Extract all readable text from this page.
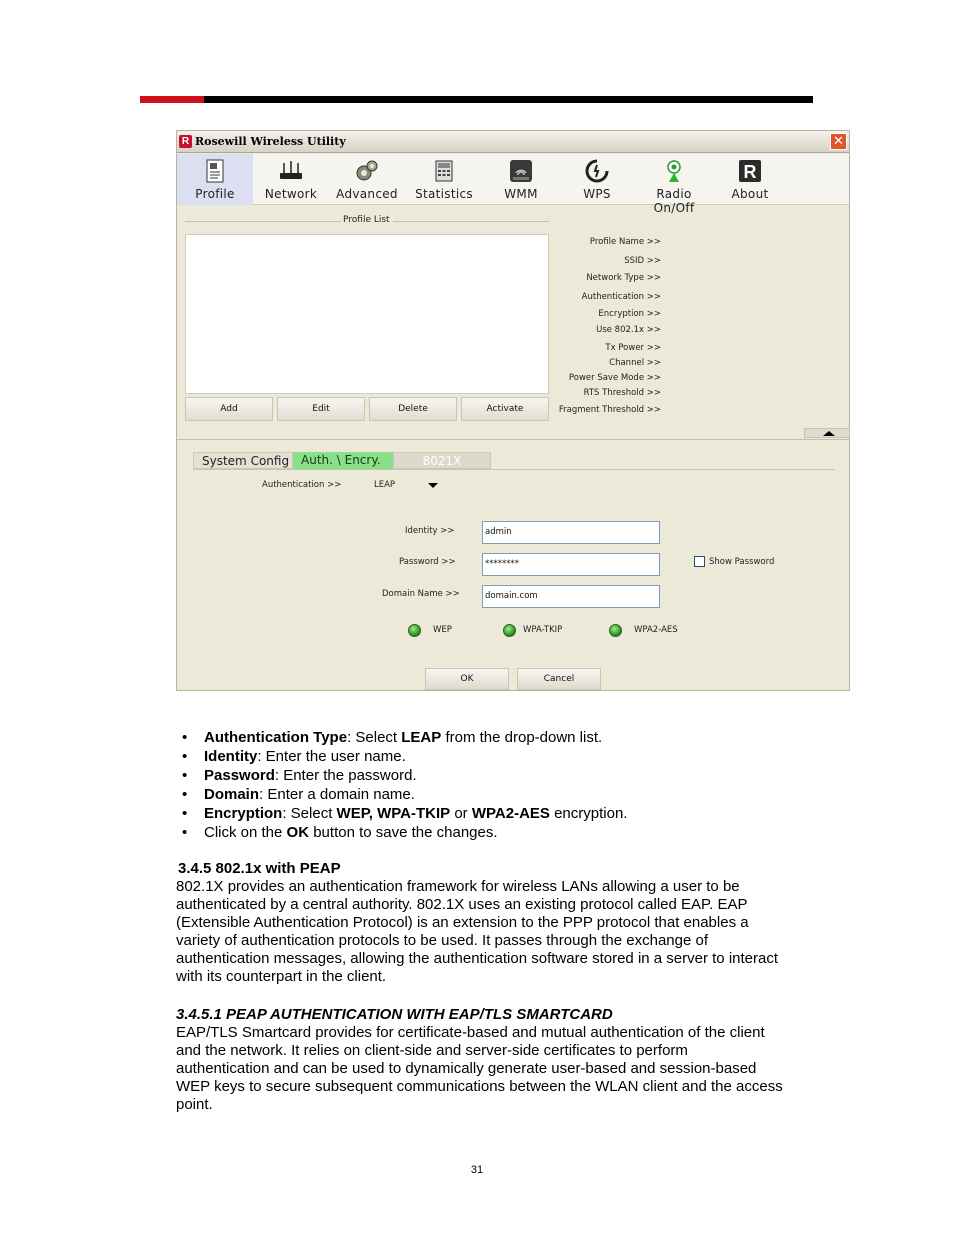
R Rosewill Wireless Utility	✕
Profile	Network	Advanced	Statistics	WMM	WPS	Radio On/Off
R
About
Profile List
Add	Edit	Delete	Activate
Profile Name >>
SSID >>
Network Type >>
Authentication >>
Encryption >>
Use 802.1x >>
Tx Power >>
Channel >>
Power Save Mode >>
RTS Threshold >>
Fragment Threshold >>
System Config Auth. \ Encry.	8021X
Authentication >>	LEAP
Identity >>	admin
Password >>	********	Show Password
Domain Name >>	domain.com
WEP	WPA-TKIP	WPA2-AES
OK	Cancel
• Authentication Type: Select LEAP from the drop-down list.
• Identity: Enter the user name.
• Password: Enter the password.
• Domain: Enter a domain name.
• Encryption: Select WEP, WPA-TKIP or WPA2-AES encryption.
• Click on the OK button to save the changes.
3.4.5 802.1x with PEAP
802.1X provides an authentication framework for wireless LANs allowing a user to be
authenticated by a central authority. 802.1X uses an existing protocol called EAP. EAP
(Extensible Authentication Protocol) is an extension to the PPP protocol that enables a
variety of authentication protocols to be used. It passes through the exchange of
authentication messages, allowing the authentication software stored in a server to interact
with its counterpart in the client.
3.4.5.1 PEAP AUTHENTICATION WITH EAP/TLS SMARTCARD
EAP/TLS Smartcard provides for certificate-based and mutual authentication of the client
and the network. It relies on client-side and server-side certificates to perform
authentication and can be used to dynamically generate user-based and session-based
WEP keys to secure subsequent communications between the WLAN client and the access
point.
31
